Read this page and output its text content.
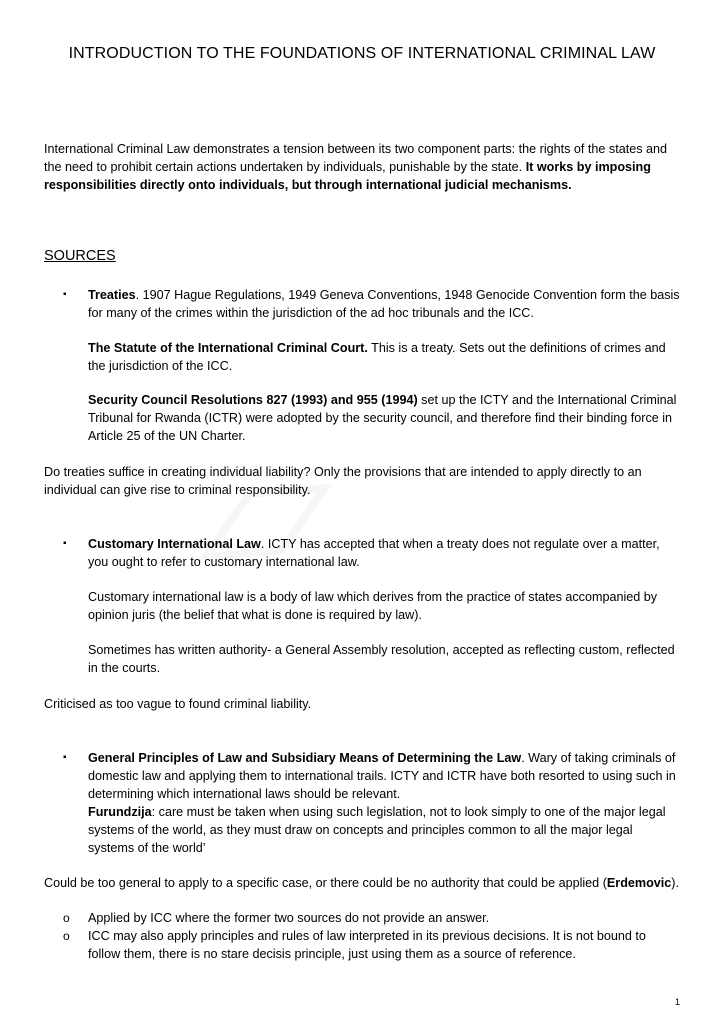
INTRODUCTION TO THE FOUNDATIONS OF INTERNATIONAL CRIMINAL LAW
International Criminal Law demonstrates a tension between its two component parts: the rights of the states and the need to prohibit certain actions undertaken by individuals, punishable by the state. It works by imposing responsibilities directly onto individuals, but through international judicial mechanisms.
SOURCES
▪ Treaties. 1907 Hague Regulations, 1949 Geneva Conventions, 1948 Genocide Convention form the basis for many of the crimes within the jurisdiction of the ad hoc tribunals and the ICC.
The Statute of the International Criminal Court. This is a treaty. Sets out the definitions of crimes and the jurisdiction of the ICC.
Security Council Resolutions 827 (1993) and 955 (1994) set up the ICTY and the International Criminal Tribunal for Rwanda (ICTR) were adopted by the security council, and therefore find their binding force in Article 25 of the UN Charter.
Do treaties suffice in creating individual liability? Only the provisions that are intended to apply directly to an individual can give rise to criminal responsibility.
▪ Customary International Law. ICTY has accepted that when a treaty does not regulate over a matter, you ought to refer to customary international law.
Customary international law is a body of law which derives from the practice of states accompanied by opinion juris (the belief that what is done is required by law).
Sometimes has written authority- a General Assembly resolution, accepted as reflecting custom, reflected in the courts.
Criticised as too vague to found criminal liability.
▪ General Principles of Law and Subsidiary Means of Determining the Law. Wary of taking criminals of domestic law and applying them to international trails. ICTY and ICTR have both resorted to using such in determining which international laws should be relevant.
Furundzija: care must be taken when using such legislation, not to look simply to one of the major legal systems of the world, as they must draw on concepts and principles common to all the major legal systems of the world’
Could be too general to apply to a specific case, or there could be no authority that could be applied (Erdemovic).
o Applied by ICC where the former two sources do not provide an answer.
o ICC may also apply principles and rules of law interpreted in its previous decisions. It is not bound to follow them, there is no stare decisis principle, just using them as a source of reference.
1
